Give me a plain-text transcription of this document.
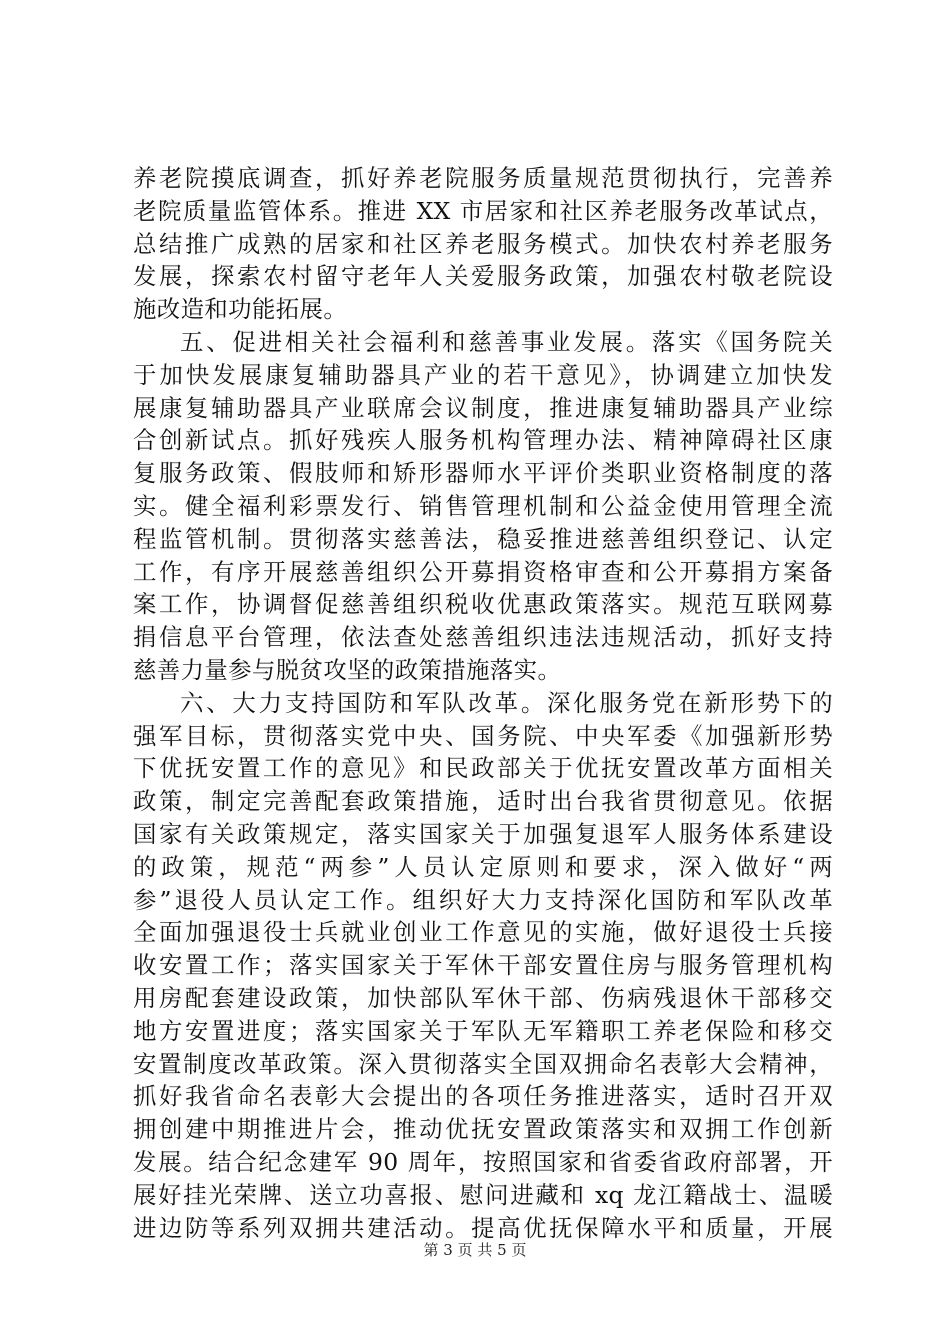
养老院摸底调查，抓好养老院服务质量规范贯彻执行，完善养
老院质量监管体系。推进 XX 市居家和社区养老服务改革试点，
总结推广成熟的居家和社区养老服务模式。加快农村养老服务
发展，探索农村留守老年人关爱服务政策，加强农村敬老院设
施改造和功能拓展。
五、促进相关社会福利和慈善事业发展。落实《国务院关
于加快发展康复辅助器具产业的若干意见》，协调建立加快发
展康复辅助器具产业联席会议制度，推进康复辅助器具产业综
合创新试点。抓好残疾人服务机构管理办法、精神障碍社区康
复服务政策、假肢师和矫形器师水平评价类职业资格制度的落
实。健全福利彩票发行、销售管理机制和公益金使用管理全流
程监管机制。贯彻落实慈善法，稳妥推进慈善组织登记、认定
工作，有序开展慈善组织公开募捐资格审查和公开募捐方案备
案工作，协调督促慈善组织税收优惠政策落实。规范互联网募
捐信息平台管理，依法查处慈善组织违法违规活动，抓好支持
慈善力量参与脱贫攻坚的政策措施落实。
六、大力支持国防和军队改革。深化服务党在新形势下的
强军目标，贯彻落实党中央、国务院、中央军委《加强新形势
下优抚安置工作的意见》和民政部关于优抚安置改革方面相关
政策，制定完善配套政策措施，适时出台我省贯彻意见。依据
国家有关政策规定，落实国家关于加强复退军人服务体系建设
的政策，规范“两参”人员认定原则和要求，深入做好“两
参”退役人员认定工作。组织好大力支持深化国防和军队改革
全面加强退役士兵就业创业工作意见的实施，做好退役士兵接
收安置工作；落实国家关于军休干部安置住房与服务管理机构
用房配套建设政策，加快部队军休干部、伤病残退休干部移交
地方安置进度；落实国家关于军队无军籍职工养老保险和移交
安置制度改革政策。深入贯彻落实全国双拥命名表彰大会精神，
抓好我省命名表彰大会提出的各项任务推进落实，适时召开双
拥创建中期推进片会，推动优抚安置政策落实和双拥工作创新
发展。结合纪念建军 90 周年，按照国家和省委省政府部署，开
展好挂光荣牌、送立功喜报、慰问进藏和 xq 龙江籍战士、温暖
进边防等系列双拥共建活动。提高优抚保障水平和质量，开展
第 3 页 共 5 页
